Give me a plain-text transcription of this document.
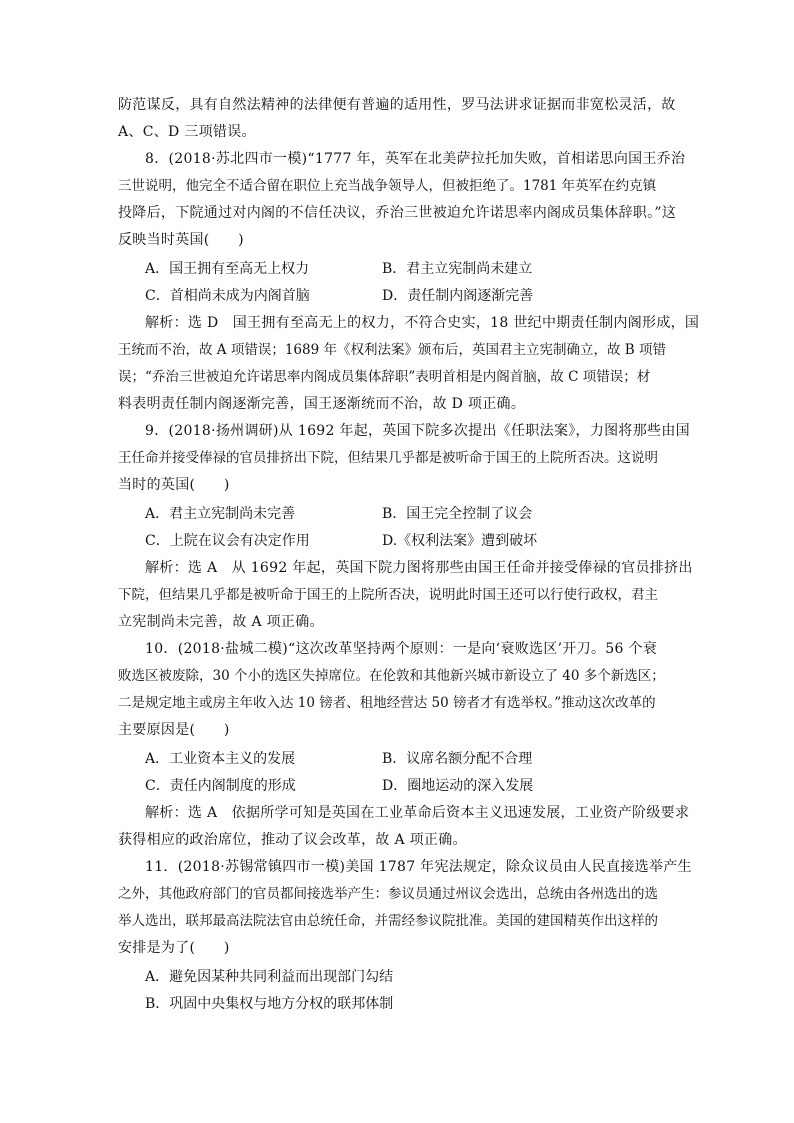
防范谋反，具有自然法精神的法律便有普遍的适用性，罗马法讲求证据而非宽松灵活，故
A、C、D 三项错误。
8．(2018·苏北四市一模)“1777 年，英军在北美萨拉托加失败，首相诺思向国王乔治
三世说明，他完全不适合留在职位上充当战争领导人，但被拒绝了。1781 年英军在约克镇
投降后，下院通过对内阁的不信任决议，乔治三世被迫允许诺思率内阁成员集体辞职。”这
反映当时英国(　　)
A．国王拥有至高无上权力	B．君主立宪制尚未建立
C．首相尚未成为内阁首脑	D．责任制内阁逐渐完善
解析：选 D　国王拥有至高无上的权力，不符合史实，18 世纪中期责任制内阁形成，国
王统而不治，故 A 项错误；1689 年《权利法案》颁布后，英国君主立宪制确立，故 B 项错
误；“乔治三世被迫允许诺思率内阁成员集体辞职”表明首相是内阁首脑，故 C 项错误；材
料表明责任制内阁逐渐完善，国王逐渐统而不治，故 D 项正确。
9．(2018·扬州调研)从 1692 年起，英国下院多次提出《任职法案》，力图将那些由国
王任命并接受俸禄的官员排挤出下院，但结果几乎都是被听命于国王的上院所否决。这说明
当时的英国(　　)
A．君主立宪制尚未完善	B．国王完全控制了议会
C．上院在议会有决定作用	D.《权利法案》遭到破坏
解析：选 A　从 1692 年起，英国下院力图将那些由国王任命并接受俸禄的官员排挤出
下院，但结果几乎都是被听命于国王的上院所否决，说明此时国王还可以行使行政权，君主
立宪制尚未完善，故 A 项正确。
10．(2018·盐城二模)“这次改革坚持两个原则：一是向‘衰败选区’开刀。56 个衰
败选区被废除，30 个小的选区失掉席位。在伦敦和其他新兴城市新设立了 40 多个新选区；
二是规定地主或房主年收入达 10 镑者、租地经营达 50 镑者才有选举权。”推动这次改革的
主要原因是(　　)
A．工业资本主义的发展	B．议席名额分配不合理
C．责任内阁制度的形成	D．圈地运动的深入发展
解析：选 A　依据所学可知是英国在工业革命后资本主义迅速发展，工业资产阶级要求
获得相应的政治席位，推动了议会改革，故 A 项正确。
11．(2018·苏锡常镇四市一模)美国 1787 年宪法规定，除众议员由人民直接选举产生
之外，其他政府部门的官员都间接选举产生：参议员通过州议会选出，总统由各州选出的选
举人选出，联邦最高法院法官由总统任命，并需经参议院批准。美国的建国精英作出这样的
安排是为了(　　)
A．避免因某种共同利益而出现部门勾结
B．巩固中央集权与地方分权的联邦体制
